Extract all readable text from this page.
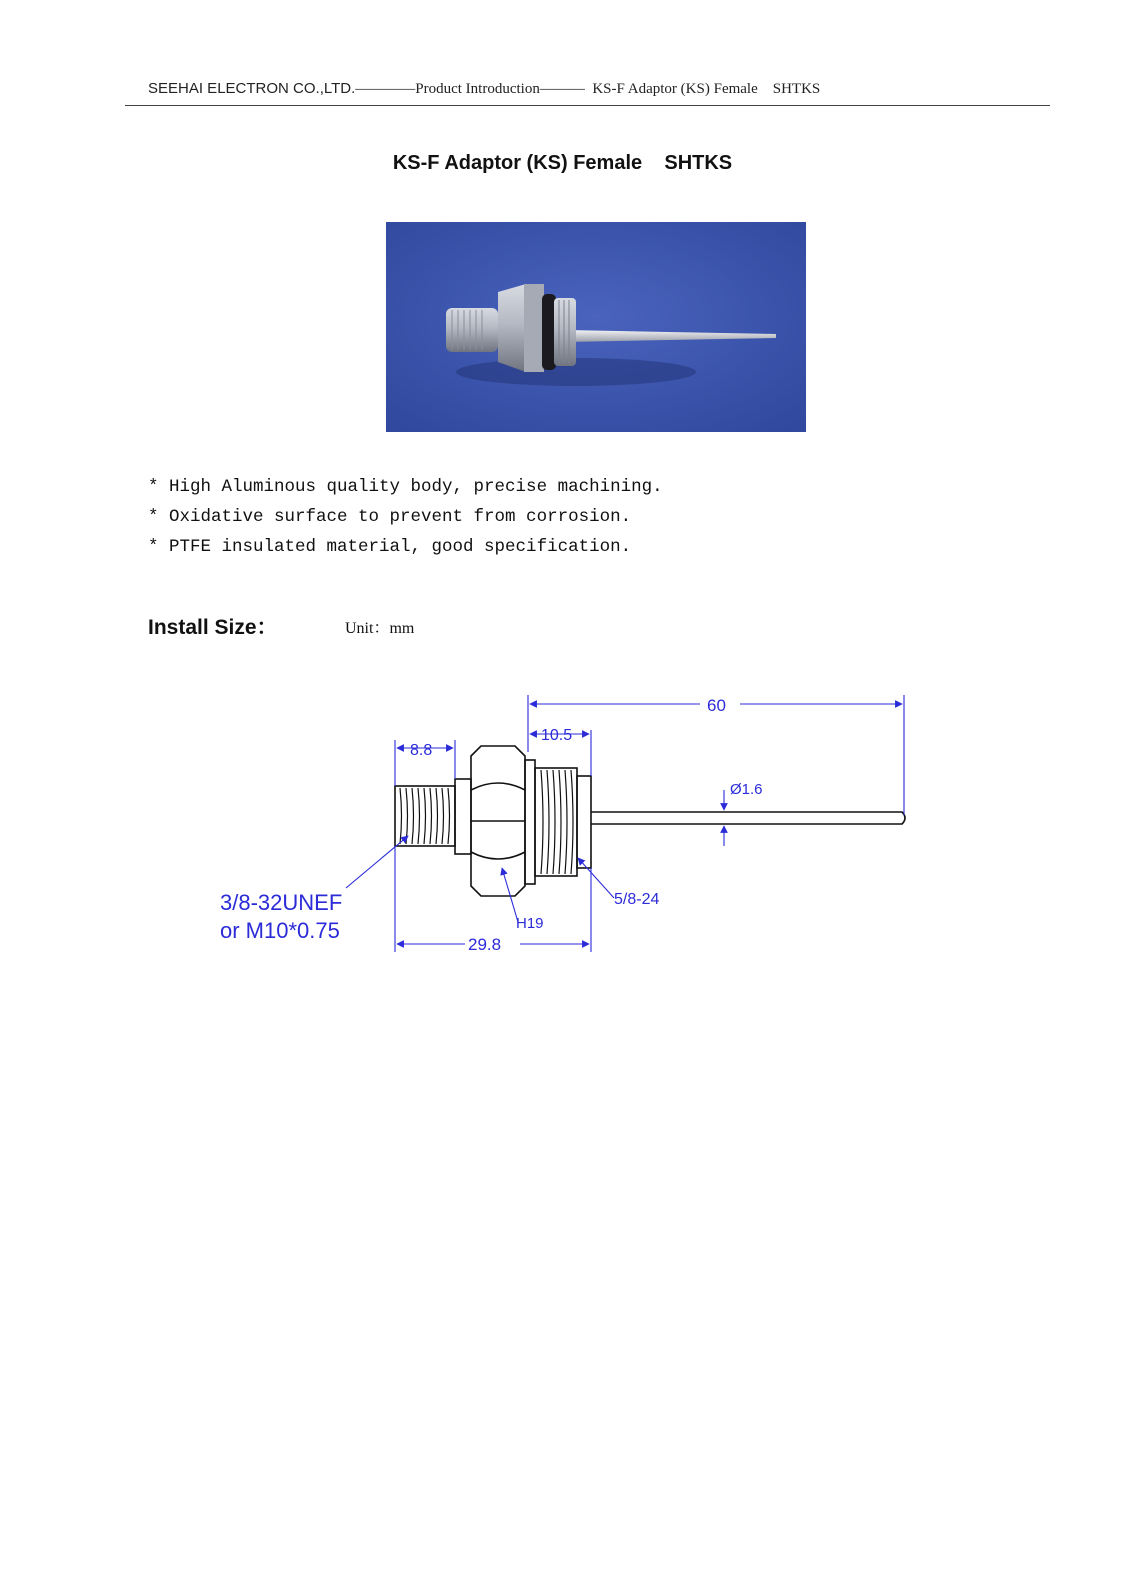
SEEHAI ELECTRON CO.,LTD.————Product Introduction——— KS-F Adaptor (KS) Female    SHTKS
KS-F Adaptor (KS) Female    SHTKS
* High Aluminous quality body, precise machining.
* Oxidative surface to prevent from corrosion.
* PTFE insulated material, good specification.
Install Size：	Unit：mm
60
10.5
8.8
Ø1.6
29.8
H19
5/8-24
3/8-32UNEF
or M10*0.75
